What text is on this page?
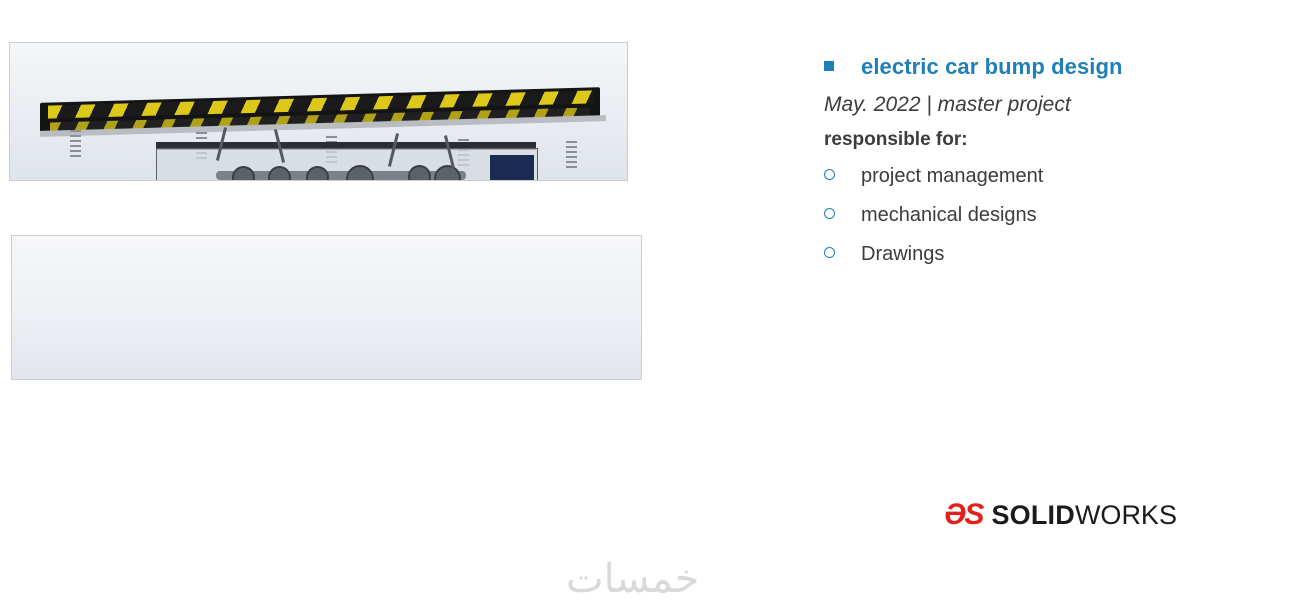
electric car bump design
May. 2022 | master project
responsible for:
project management
mechanical designs
Drawings
ƏS SOLIDWORKS
خمسات
